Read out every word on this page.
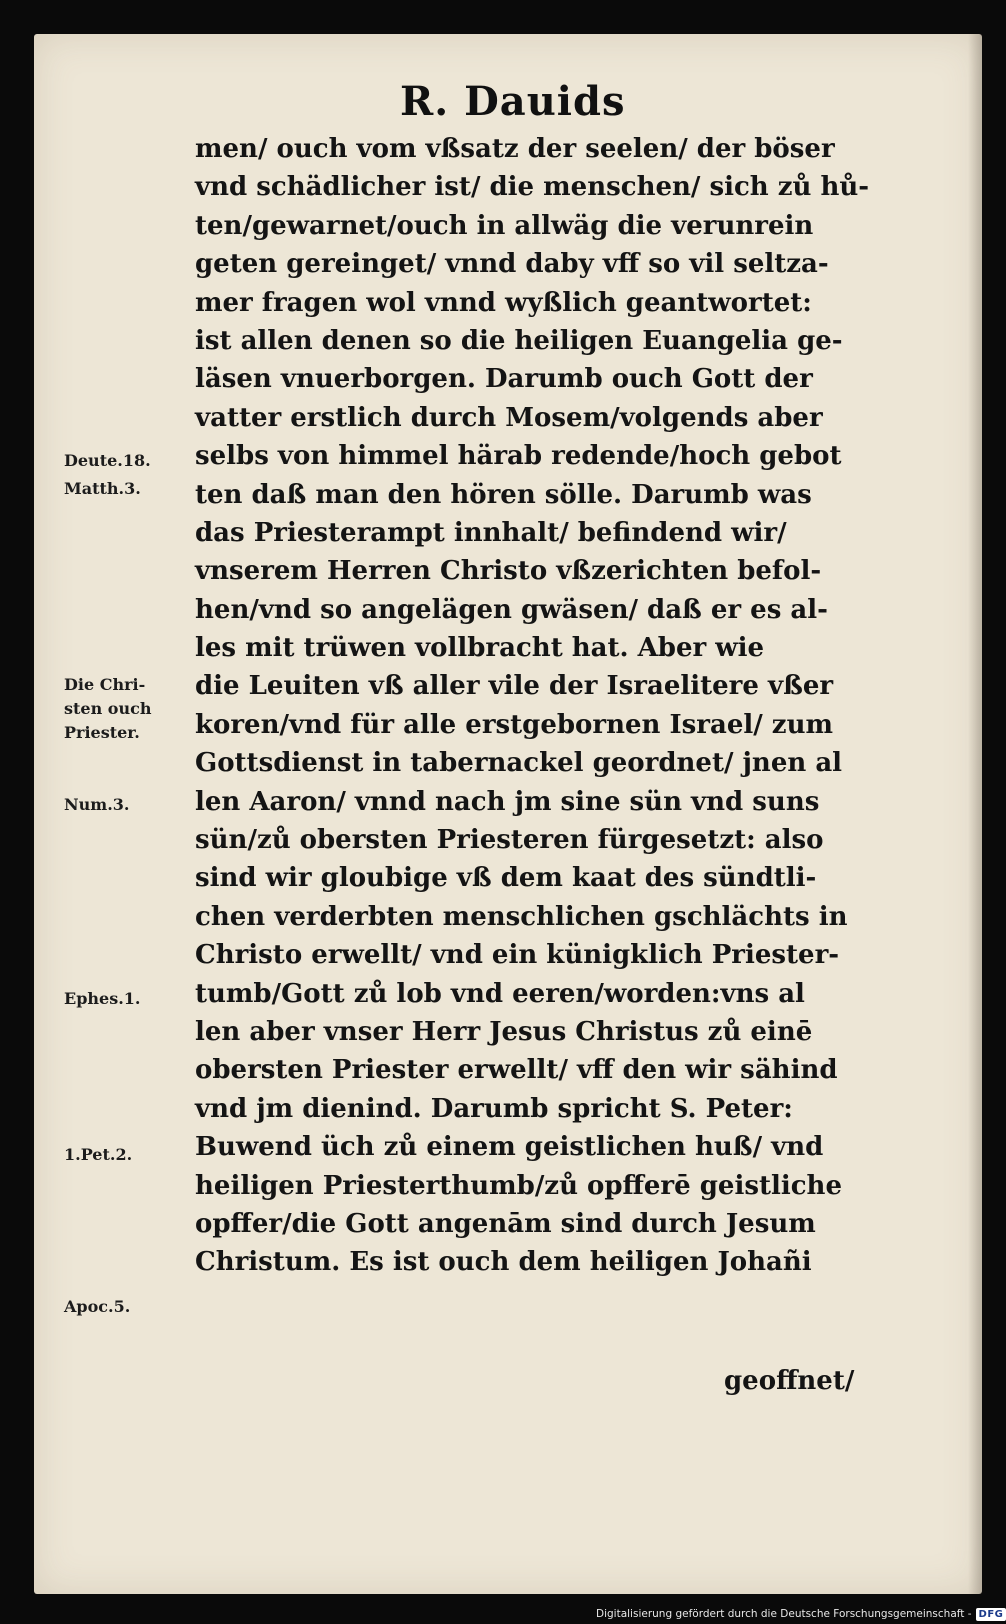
R. Dauids
men/ ouch vom vßsatz der seelen/ der böser
vnd schädlicher ist/ die menschen/ sich zů hů-
ten/gewarnet/ouch in allwäg die verunrein
geten gereinget/ vnnd daby vff so vil seltza-
mer fragen wol vnnd wyßlich geantwortet:
ist allen denen so die heiligen Euangelia ge-
läsen vnuerborgen. Darumb ouch Gott der
vatter erstlich durch Mosem/volgends aber
selbs von himmel härab redende/hoch gebot
ten daß man den hören sölle. Darumb was
das Priesterampt innhalt/ befindend wir/
vnserem Herren Christo vßzerichten befol-
hen/vnd so angelägen gwäsen/ daß er es al-
les mit trüwen vollbracht hat. Aber wie
die Leuiten vß aller vile der Israelitere vßer
koren/vnd für alle erstgebornen Israel/ zum
Gottsdienst in tabernackel geordnet/ jnen al
len Aaron/ vnnd nach jm sine sün vnd suns
sün/zů obersten Priesteren fürgesetzt: also
sind wir gloubige vß dem kaat des sündtli-
chen verderbten menschlichen gschlächts in
Christo erwellt/ vnd ein künigklich Priester-
tumb/Gott zů lob vnd eeren/worden:vns al
len aber vnser Herr Jesus Christus zů einē
obersten Priester erwellt/ vff den wir sähind
vnd jm dienind. Darumb spricht S. Peter:
Buwend üch zů einem geistlichen huß/ vnd
heiligen Priesterthumb/zů opfferē geistliche
opffer/die Gott angenām sind durch Jesum
Christum. Es ist ouch dem heiligen Johañi
geoffnet/
Deute.18.
Matth.3.
Die Chri-
sten ouch
Priester.
Num.3.
Ephes.1.
1.Pet.2.
Apoc.5.
Digitalisierung gefördert durch die Deutsche Forschungsgemeinschaft - DFG
